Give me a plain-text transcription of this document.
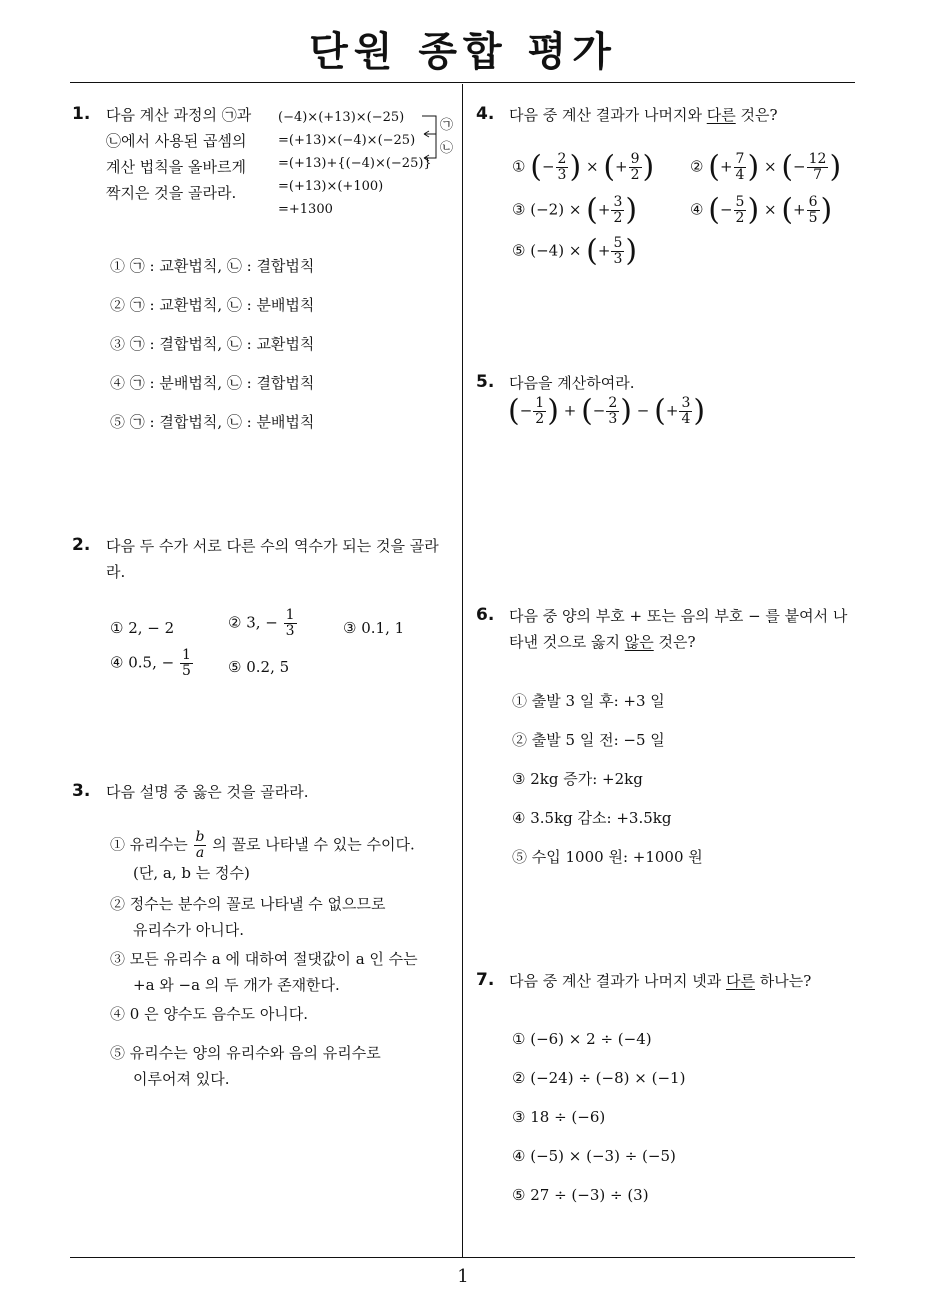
단원 종합 평가
1
1. 다음 계산 과정의 ㉠과
㉡에서 사용된 곱셈의
계산 법칙을 올바르게
짝지은 것을 골라라.
(−4)×(+13)×(−25)
=(+13)×(−4)×(−25)
=(+13)+{(−4)×(−25)}
=(+13)×(+100)
=+1300
㉠
㉡
① ㉠ : 교환법칙, ㉡ : 결합법칙
② ㉠ : 교환법칙, ㉡ : 분배법칙
③ ㉠ : 결합법칙, ㉡ : 교환법칙
④ ㉠ : 분배법칙, ㉡ : 결합법칙
⑤ ㉠ : 결합법칙, ㉡ : 분배법칙
2. 다음 두 수가 서로 다른 수의 역수가 되는 것을 골라
라.
① 2, − 2	② 3, − $\frac{1}{3}$	③ 0.1, 1
④ 0.5, − $\frac{1}{5}$ ⑤ 0.2, 5
3. 다음 설명 중 옳은 것을 골라라.
① 유리수는 $\frac{b}{a}$ 의 꼴로 나타낼 수 있는 수이다.
(단, a, b 는 정수)
② 정수는 분수의 꼴로 나타낼 수 없으므로
유리수가 아니다.
③ 모든 유리수 a 에 대하여 절댓값이 a 인 수는
+a 와 −a 의 두 개가 존재한다.
④ 0 은 양수도 음수도 아니다.
⑤ 유리수는 양의 유리수와 음의 유리수로
이루어져 있다.
4. 다음 중 계산 결과가 나머지와 다른 것은?
① (− $\frac{2}{3}$ ) × (+ $\frac{9}{2}$ ) ② (+ $\frac{7}{4}$ ) × (− $\frac{12}{7}$ )
③ (−2) × (+ $\frac{3}{2}$ )	④ (− $\frac{5}{2}$ ) × (+ $\frac{6}{5}$ )
⑤ (−4) × (+ $\frac{5}{3}$ )
5. 다음을 계산하여라.
(− $\frac{1}{2}$ ) + (− $\frac{2}{3}$ ) − (+ $\frac{3}{4}$ )
6. 다음 중 양의 부호 + 또는 음의 부호 − 를 붙여서 나
타낸 것으로 옳지 않은 것은?
① 출발 3 일 후: +3 일
② 출발 5 일 전: −5 일
③ 2kg 증가: +2kg
④ 3.5kg 감소: +3.5kg
⑤ 수입 1000 원: +1000 원
7. 다음 중 계산 결과가 나머지 넷과 다른 하나는?
① (−6) × 2 ÷ (−4)
② (−24) ÷ (−8) × (−1)
③ 18 ÷ (−6)
④ (−5) × (−3) ÷ (−5)
⑤ 27 ÷ (−3) ÷ (3)
